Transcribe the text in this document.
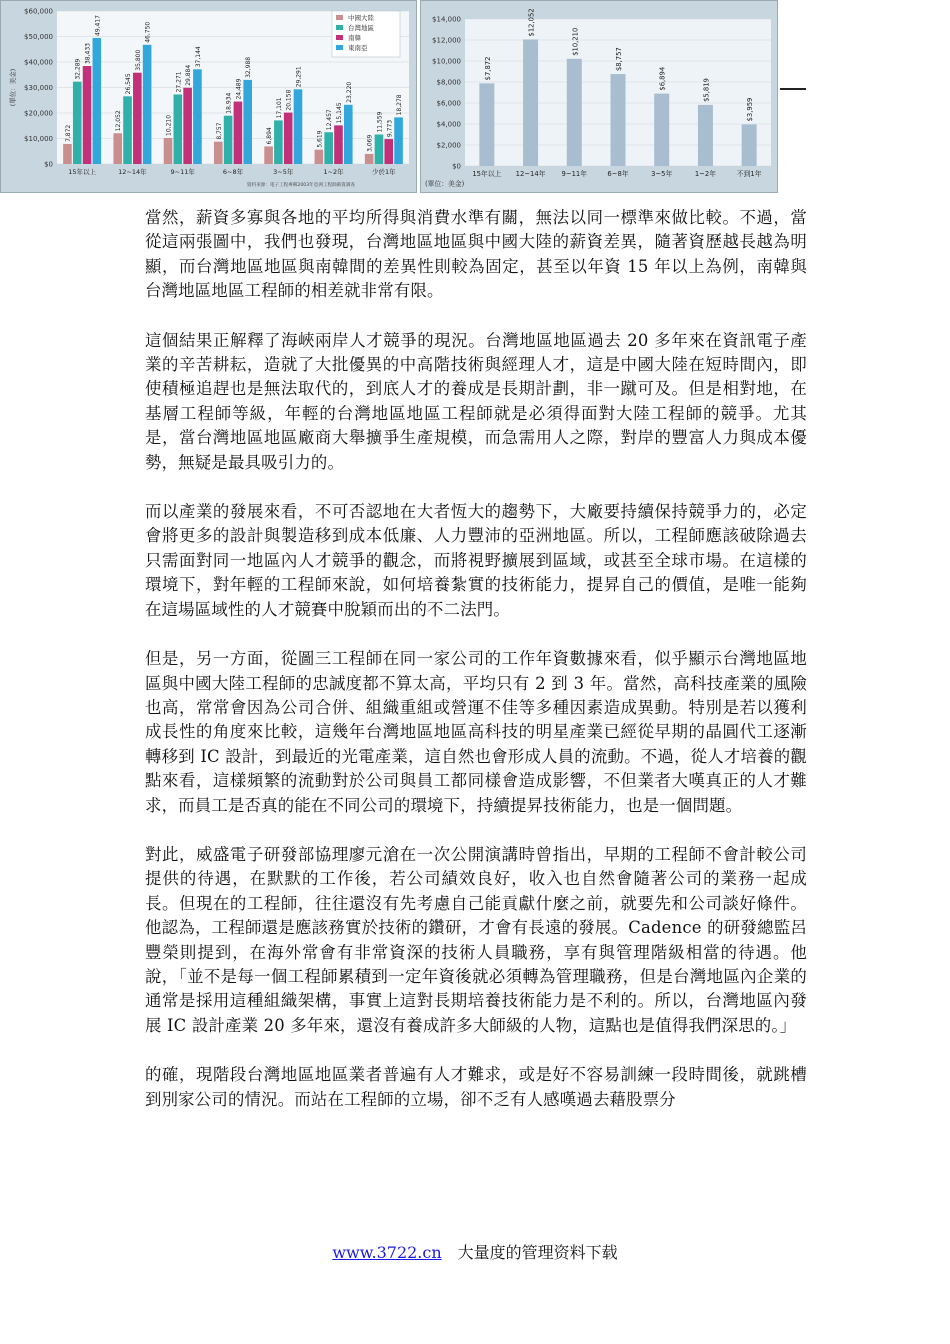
$60,000
$50,000
$40,000
$30,000
$20,000
$10,000
$0
(單位：美金)
7,872
32,289
38,433
49,417
15年以上
12,052
26,545
35,800
46,750
12~14年
10,210
27,271 29,884
37,144
9~11年
8,757
18,934
24,489
32,988
6~8年
6,894
17,101 20,158
29,291
3~5年
5,619
12,457 15,145
23,220
1~2年
3,069
11,559 9,773
18,278
少於1年
資料來源：電子工程專輯2003年亞洲工程師薪資調查
中國大陸
台灣地區
南韓
東南亞
$14,000
$12,000
$10,000
$8,000
$6,000
$4,000
$2,000
$0
$7,872
15年以上
$12,052
12~14年
$10,210
9~11年
$8,757
6~8年
$6,894
3~5年
$5,819
1~2年
$3,959
不到1年
(單位：美金)

當然，薪資多寡與各地的平均所得與消費水準有關，無法以同一標準來做比較。不過，當從這兩張圖中，我們也發現，台灣地區地區與中國大陸的薪資差異，隨著資歷越長越為明顯，而台灣地區地區與南韓間的差異性則較為固定，甚至以年資 15 年以上為例，南韓與台灣地區地區工程師的相差就非常有限。

這個結果正解釋了海峽兩岸人才競爭的現況。台灣地區地區過去 20 多年來在資訊電子產業的辛苦耕耘，造就了大批優異的中高階技術與經理人才，這是中國大陸在短時間內，即使積極追趕也是無法取代的，到底人才的養成是長期計劃，非一蹴可及。但是相對地，在基層工程師等級，年輕的台灣地區地區工程師就是必須得面對大陸工程師的競爭。尤其是，當台灣地區地區廠商大舉擴爭生產規模，而急需用人之際，對岸的豐富人力與成本優勢，無疑是最具吸引力的。

而以產業的發展來看，不可否認地在大者恆大的趨勢下，大廠要持續保持競爭力的，必定會將更多的設計與製造移到成本低廉、人力豐沛的亞洲地區。所以，工程師應該破除過去只需面對同一地區內人才競爭的觀念，而將視野擴展到區域，或甚至全球市場。在這樣的環境下，對年輕的工程師來說，如何培養紮實的技術能力，提昇自己的價值，是唯一能夠在這場區域性的人才競賽中脫穎而出的不二法門。

但是，另一方面，從圖三工程師在同一家公司的工作年資數據來看，似乎顯示台灣地區地區與中國大陸工程師的忠誠度都不算太高，平均只有 2 到 3 年。當然，高科技產業的風險也高，常常會因為公司合併、組織重組或營運不佳等多種因素造成異動。特別是若以獲利成長性的角度來比較，這幾年台灣地區地區高科技的明星產業已經從早期的晶圓代工逐漸轉移到 IC 設計，到最近的光電產業，這自然也會形成人員的流動。不過，從人才培養的觀點來看，這樣頻繁的流動對於公司與員工都同樣會造成影響，不但業者大嘆真正的人才難求，而員工是否真的能在不同公司的環境下，持續提昇技術能力，也是一個問題。

對此，威盛電子研發部協理廖元滄在一次公開演講時曾指出，早期的工程師不會計較公司提供的待遇，在默默的工作後，若公司績效良好，收入也自然會隨著公司的業務一起成長。但現在的工程師，往往還沒有先考慮自己能貢獻什麼之前，就要先和公司談好條件。他認為，工程師還是應該務實於技術的鑽研，才會有長遠的發展。Cadence 的研發總監呂豐榮則提到，在海外常會有非常資深的技術人員職務，享有與管理階級相當的待遇。他說，「並不是每一個工程師累積到一定年資後就必須轉為管理職務，但是台灣地區內企業的通常是採用這種組織架構，事實上這對長期培養技術能力是不利的。所以，台灣地區內發展 IC 設計產業 20 多年來，還沒有養成許多大師級的人物，這點也是值得我們深思的。」

的確，現階段台灣地區地區業者普遍有人才難求，或是好不容易訓練一段時間後，就跳槽到別家公司的情況。而站在工程師的立場，卻不乏有人感嘆過去藉股票分

www.3722.cn 大量度的管理资料下载
